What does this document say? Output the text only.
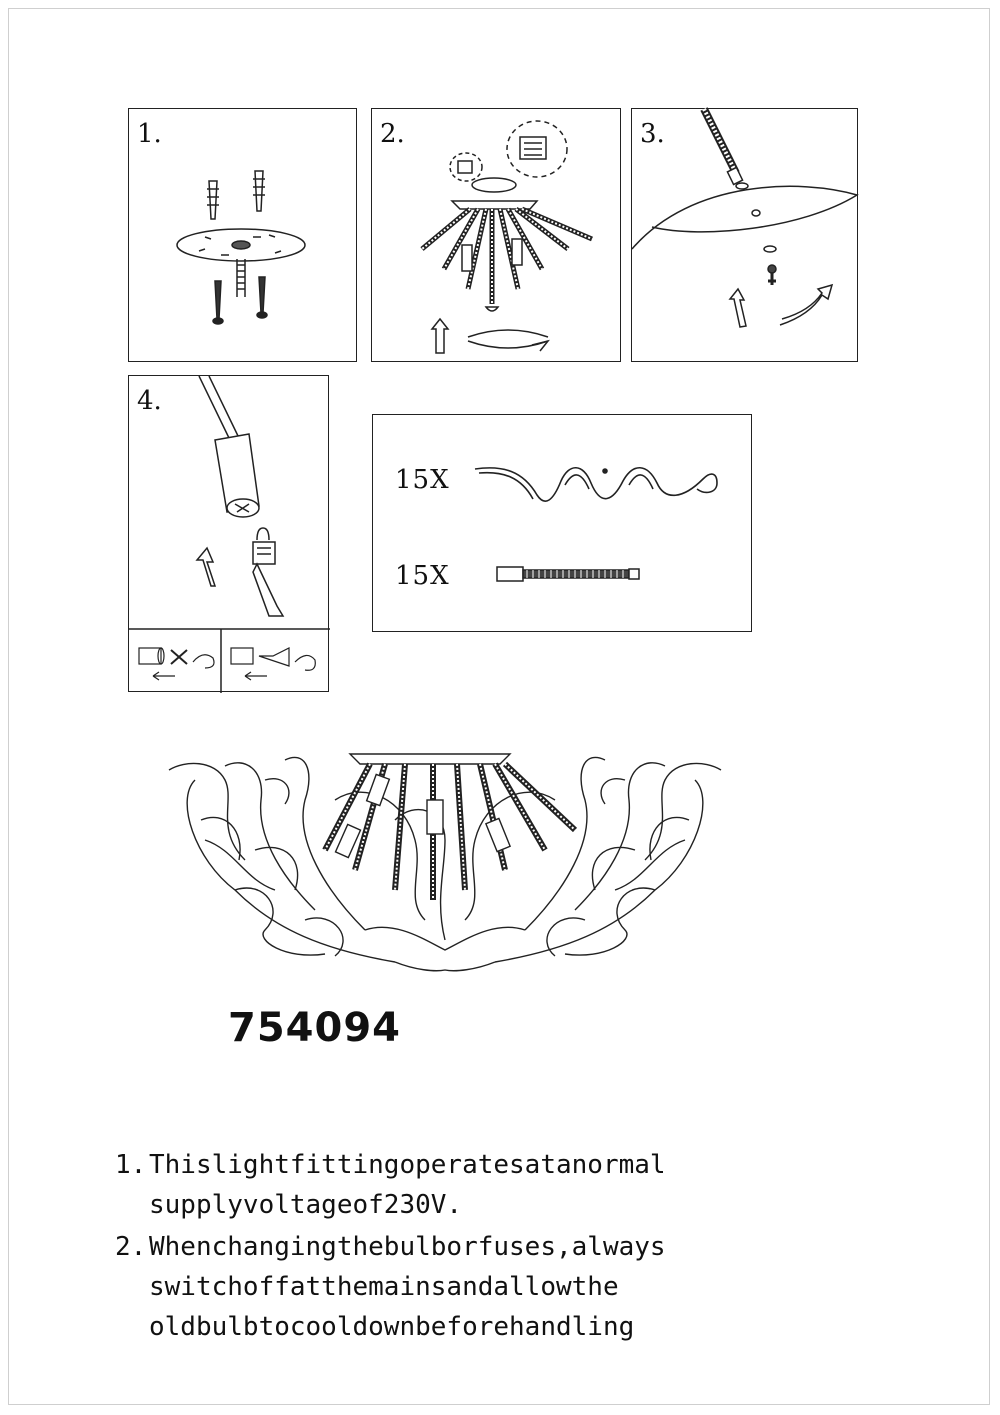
1.	2.	3.
4.
15X
15X
754094
1. Thislightfittingoperatesatanormal supplyvoltageof230V.
2. Whenchangingthebulborfuses,always switchoffatthemainsandallowthe oldbulbtocooldownbeforehandling
